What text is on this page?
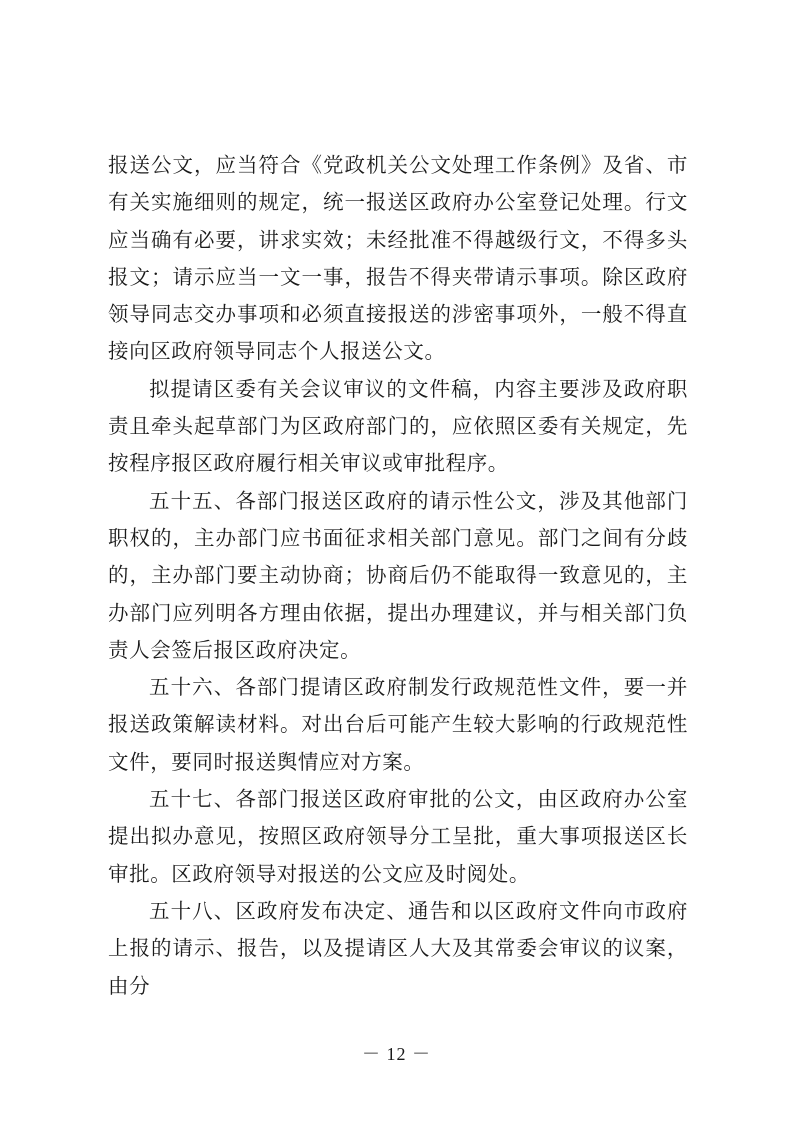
报送公文，应当符合《党政机关公文处理工作条例》及省、市有关实施细则的规定，统一报送区政府办公室登记处理。行文应当确有必要，讲求实效；未经批准不得越级行文，不得多头报文；请示应当一文一事，报告不得夹带请示事项。除区政府领导同志交办事项和必须直接报送的涉密事项外，一般不得直接向区政府领导同志个人报送公文。

拟提请区委有关会议审议的文件稿，内容主要涉及政府职责且牵头起草部门为区政府部门的，应依照区委有关规定，先按程序报区政府履行相关审议或审批程序。

五十五、各部门报送区政府的请示性公文，涉及其他部门职权的，主办部门应书面征求相关部门意见。部门之间有分歧的，主办部门要主动协商；协商后仍不能取得一致意见的，主办部门应列明各方理由依据，提出办理建议，并与相关部门负责人会签后报区政府决定。

五十六、各部门提请区政府制发行政规范性文件，要一并报送政策解读材料。对出台后可能产生较大影响的行政规范性文件，要同时报送舆情应对方案。

五十七、各部门报送区政府审批的公文，由区政府办公室提出拟办意见，按照区政府领导分工呈批，重大事项报送区长审批。区政府领导对报送的公文应及时阅处。

五十八、区政府发布决定、通告和以区政府文件向市政府上报的请示、报告，以及提请区人大及其常委会审议的议案，由分

－ 12 －
